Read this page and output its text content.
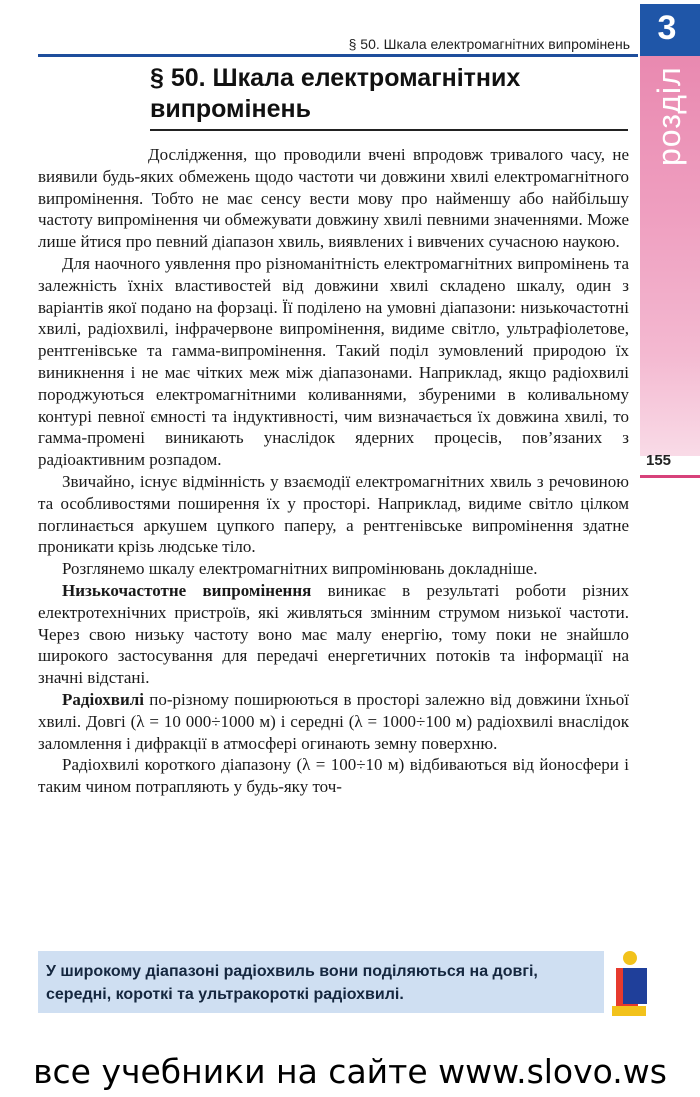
3
розділ
155
§ 50. Шкала електромагнітних випромінень
§ 50. Шкала електромагнітних
випромінень

Дослідження, що проводили вчені впродовж тривалого часу, не виявили будь-яких обмежень щодо частоти чи довжини хвилі електромагнітного випромінення. Тобто не має сенсу вести мову про найменшу або найбільшу частоту випромінення чи обмежувати довжину хвилі певними значеннями. Може лише йтися про певний діапазон хвиль, виявлених і вивчених сучасною наукою.

Для наочного уявлення про різноманітність електромагнітних випромінень та залежність їхніх властивостей від довжини хвилі складено шкалу, один з варіантів якої подано на форзаці. Її поділено на умовні діапазони: низькочастотні хвилі, радіохвилі, інфрачервоне випромінення, видиме світло, ультрафіолетове, рентгенівське та гамма-випромінення. Такий поділ зумовлений природою їх виникнення і не має чітких меж між діапазонами. Наприклад, якщо радіохвилі породжуються електромагнітними коливаннями, збуреними в коливальному контурі певної ємності та індуктивності, чим визначається їх довжина хвилі, то гамма-промені виникають унаслідок ядерних процесів, пов’язаних з радіоактивним розпадом.

Звичайно, існує відмінність у взаємодії електромагнітних хвиль з речовиною та особливостями поширення їх у просторі. Наприклад, видиме світло цілком поглинається аркушем цупкого паперу, а рентгенівське випромінення здатне проникати крізь людське тіло.

Розглянемо шкалу електромагнітних випромінювань докладніше.

Низькочастотне випромінення виникає в результаті роботи різних електротехнічних пристроїв, які живляться змінним струмом низької частоти. Через свою низьку частоту воно має малу енергію, тому поки не знайшло широкого застосування для передачі енергетичних потоків та інформації на значні відстані.

Радіохвилі по-різному поширюються в просторі залежно від довжини їхньої хвилі. Довгі (λ = 10 000÷1000 м) і середні (λ = 1000÷100 м) радіохвилі внаслідок заломлення і дифракції в атмосфері огинають земну поверхню.

Радіохвилі короткого діапазону (λ = 100÷10 м) відбиваються від йоносфери і таким чином потрапляють у будь-яку точ-

У широкому діапазоні радіохвиль вони поділяються на довгі, середні, короткі та ультракороткі радіохвилі.
все учебники на сайте www.slovo.ws
